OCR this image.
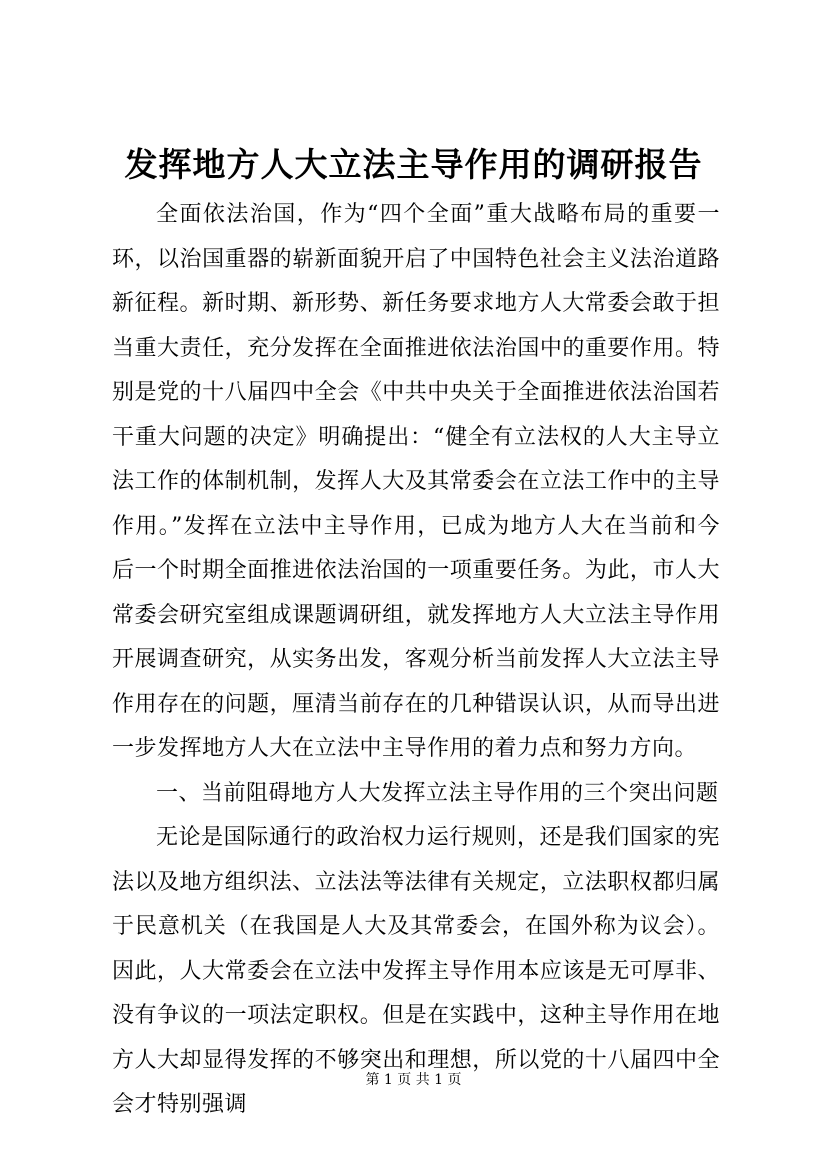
发挥地方人大立法主导作用的调研报告

全面依法治国，作为“四个全面”重大战略布局的重要一环，以治国重器的崭新面貌开启了中国特色社会主义法治道路新征程。新时期、新形势、新任务要求地方人大常委会敢于担当重大责任，充分发挥在全面推进依法治国中的重要作用。特别是党的十八届四中全会《中共中央关于全面推进依法治国若干重大问题的决定》明确提出：“健全有立法权的人大主导立法工作的体制机制，发挥人大及其常委会在立法工作中的主导作用。”发挥在立法中主导作用，已成为地方人大在当前和今后一个时期全面推进依法治国的一项重要任务。为此，市人大常委会研究室组成课题调研组，就发挥地方人大立法主导作用开展调查研究，从实务出发，客观分析当前发挥人大立法主导作用存在的问题，厘清当前存在的几种错误认识，从而导出进一步发挥地方人大在立法中主导作用的着力点和努力方向。

一、当前阻碍地方人大发挥立法主导作用的三个突出问题

无论是国际通行的政治权力运行规则，还是我们国家的宪法以及地方组织法、立法法等法律有关规定，立法职权都归属于民意机关（在我国是人大及其常委会，在国外称为议会）。因此，人大常委会在立法中发挥主导作用本应该是无可厚非、没有争议的一项法定职权。但是在实践中，这种主导作用在地方人大却显得发挥的不够突出和理想，所以党的十八届四中全会才特别强调

第 1 页 共 1 页
